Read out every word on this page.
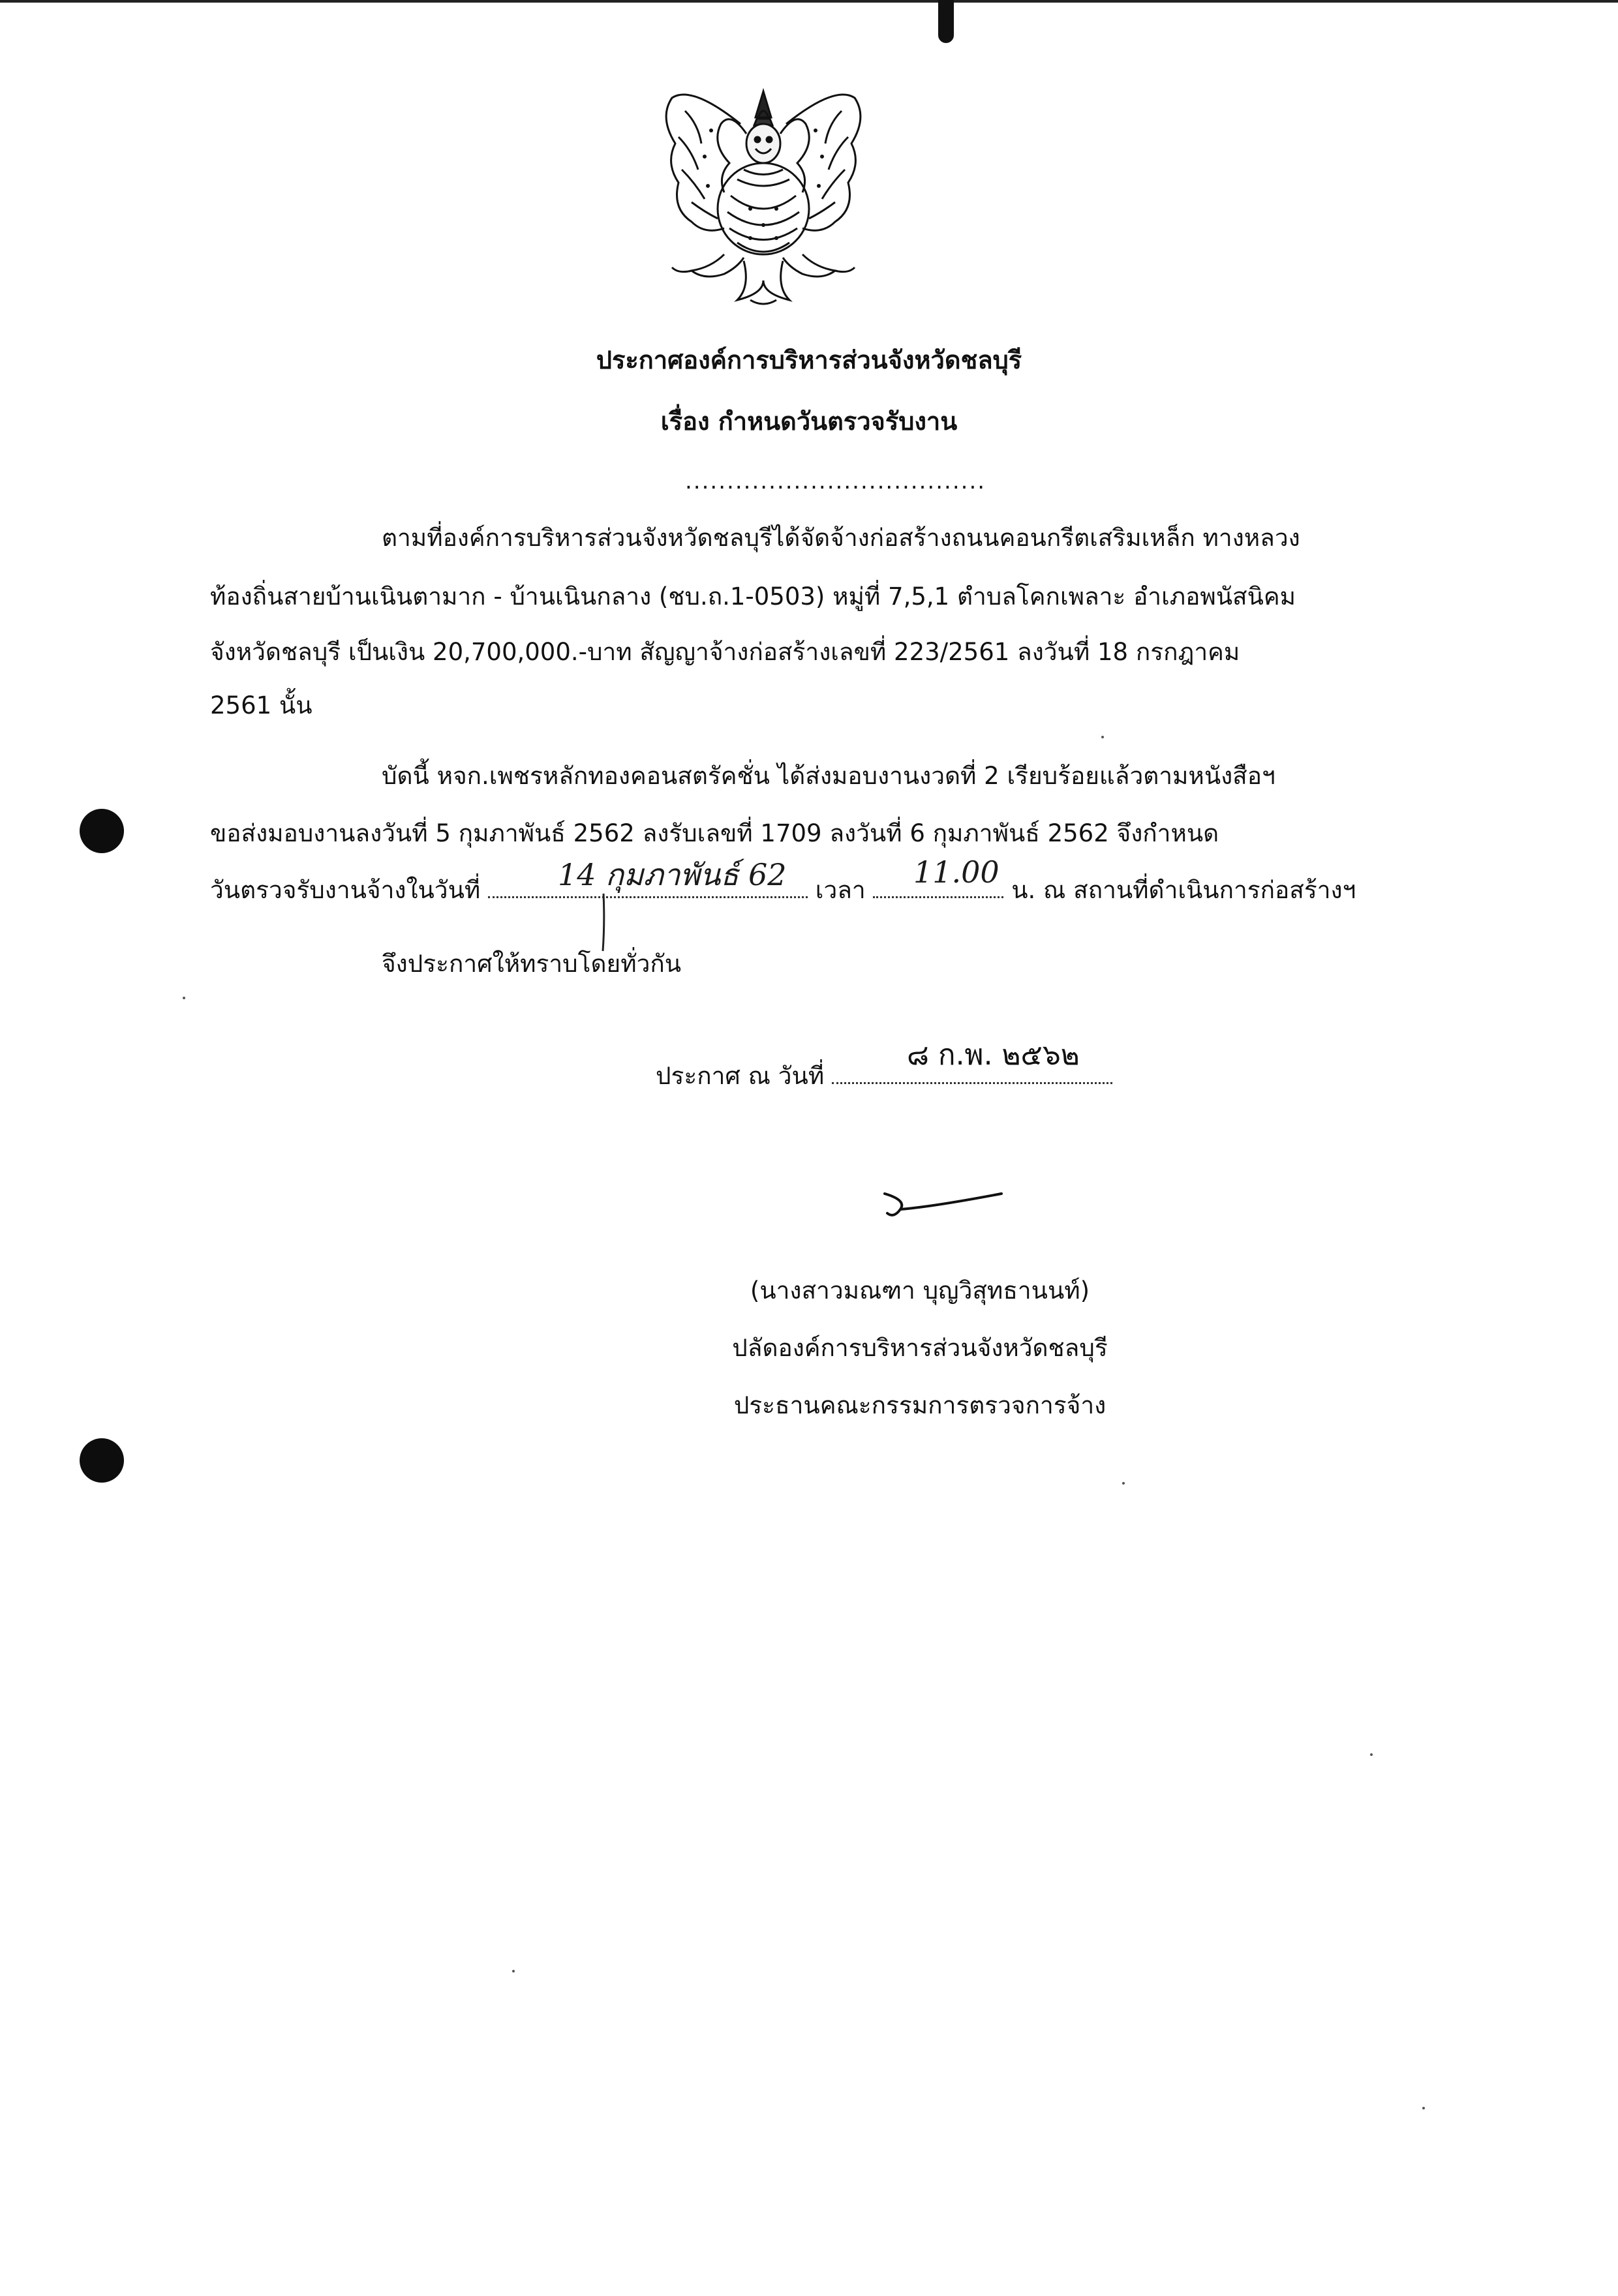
ประกาศองค์การบริหารส่วนจังหวัดชลบุรี
เรื่อง กำหนดวันตรวจรับงาน
....................................
ตามที่องค์การบริหารส่วนจังหวัดชลบุรีได้จัดจ้างก่อสร้างถนนคอนกรีตเสริมเหล็ก ทางหลวง
ท้องถิ่นสายบ้านเนินตามาก - บ้านเนินกลาง (ชบ.ถ.1-0503) หมู่ที่ 7,5,1 ตำบลโคกเพลาะ อำเภอพนัสนิคม
จังหวัดชลบุรี เป็นเงิน 20,700,000.-บาท สัญญาจ้างก่อสร้างเลขที่ 223/2561 ลงวันที่ 18 กรกฎาคม
2561 นั้น
บัดนี้ หจก.เพชรหลักทองคอนสตรัคชั่น ได้ส่งมอบงานงวดที่ 2 เรียบร้อยแล้วตามหนังสือฯ
ขอส่งมอบงานลงวันที่ 5 กุมภาพันธ์ 2562 ลงรับเลขที่ 1709 ลงวันที่ 6 กุมภาพันธ์ 2562 จึงกำหนด
วันตรวจรับงานจ้างในวันที่	เวลา	น. ณ สถานที่ดำเนินการก่อสร้างฯ
14 กุมภาพันธ์ 62	11.00
จึงประกาศให้ทราบโดยทั่วกัน
ประกาศ ณ วันที่
๘ ก.พ. ๒๕๖๒
(นางสาวมณฑา บุญวิสุทธานนท์)
ปลัดองค์การบริหารส่วนจังหวัดชลบุรี
ประธานคณะกรรมการตรวจการจ้าง
